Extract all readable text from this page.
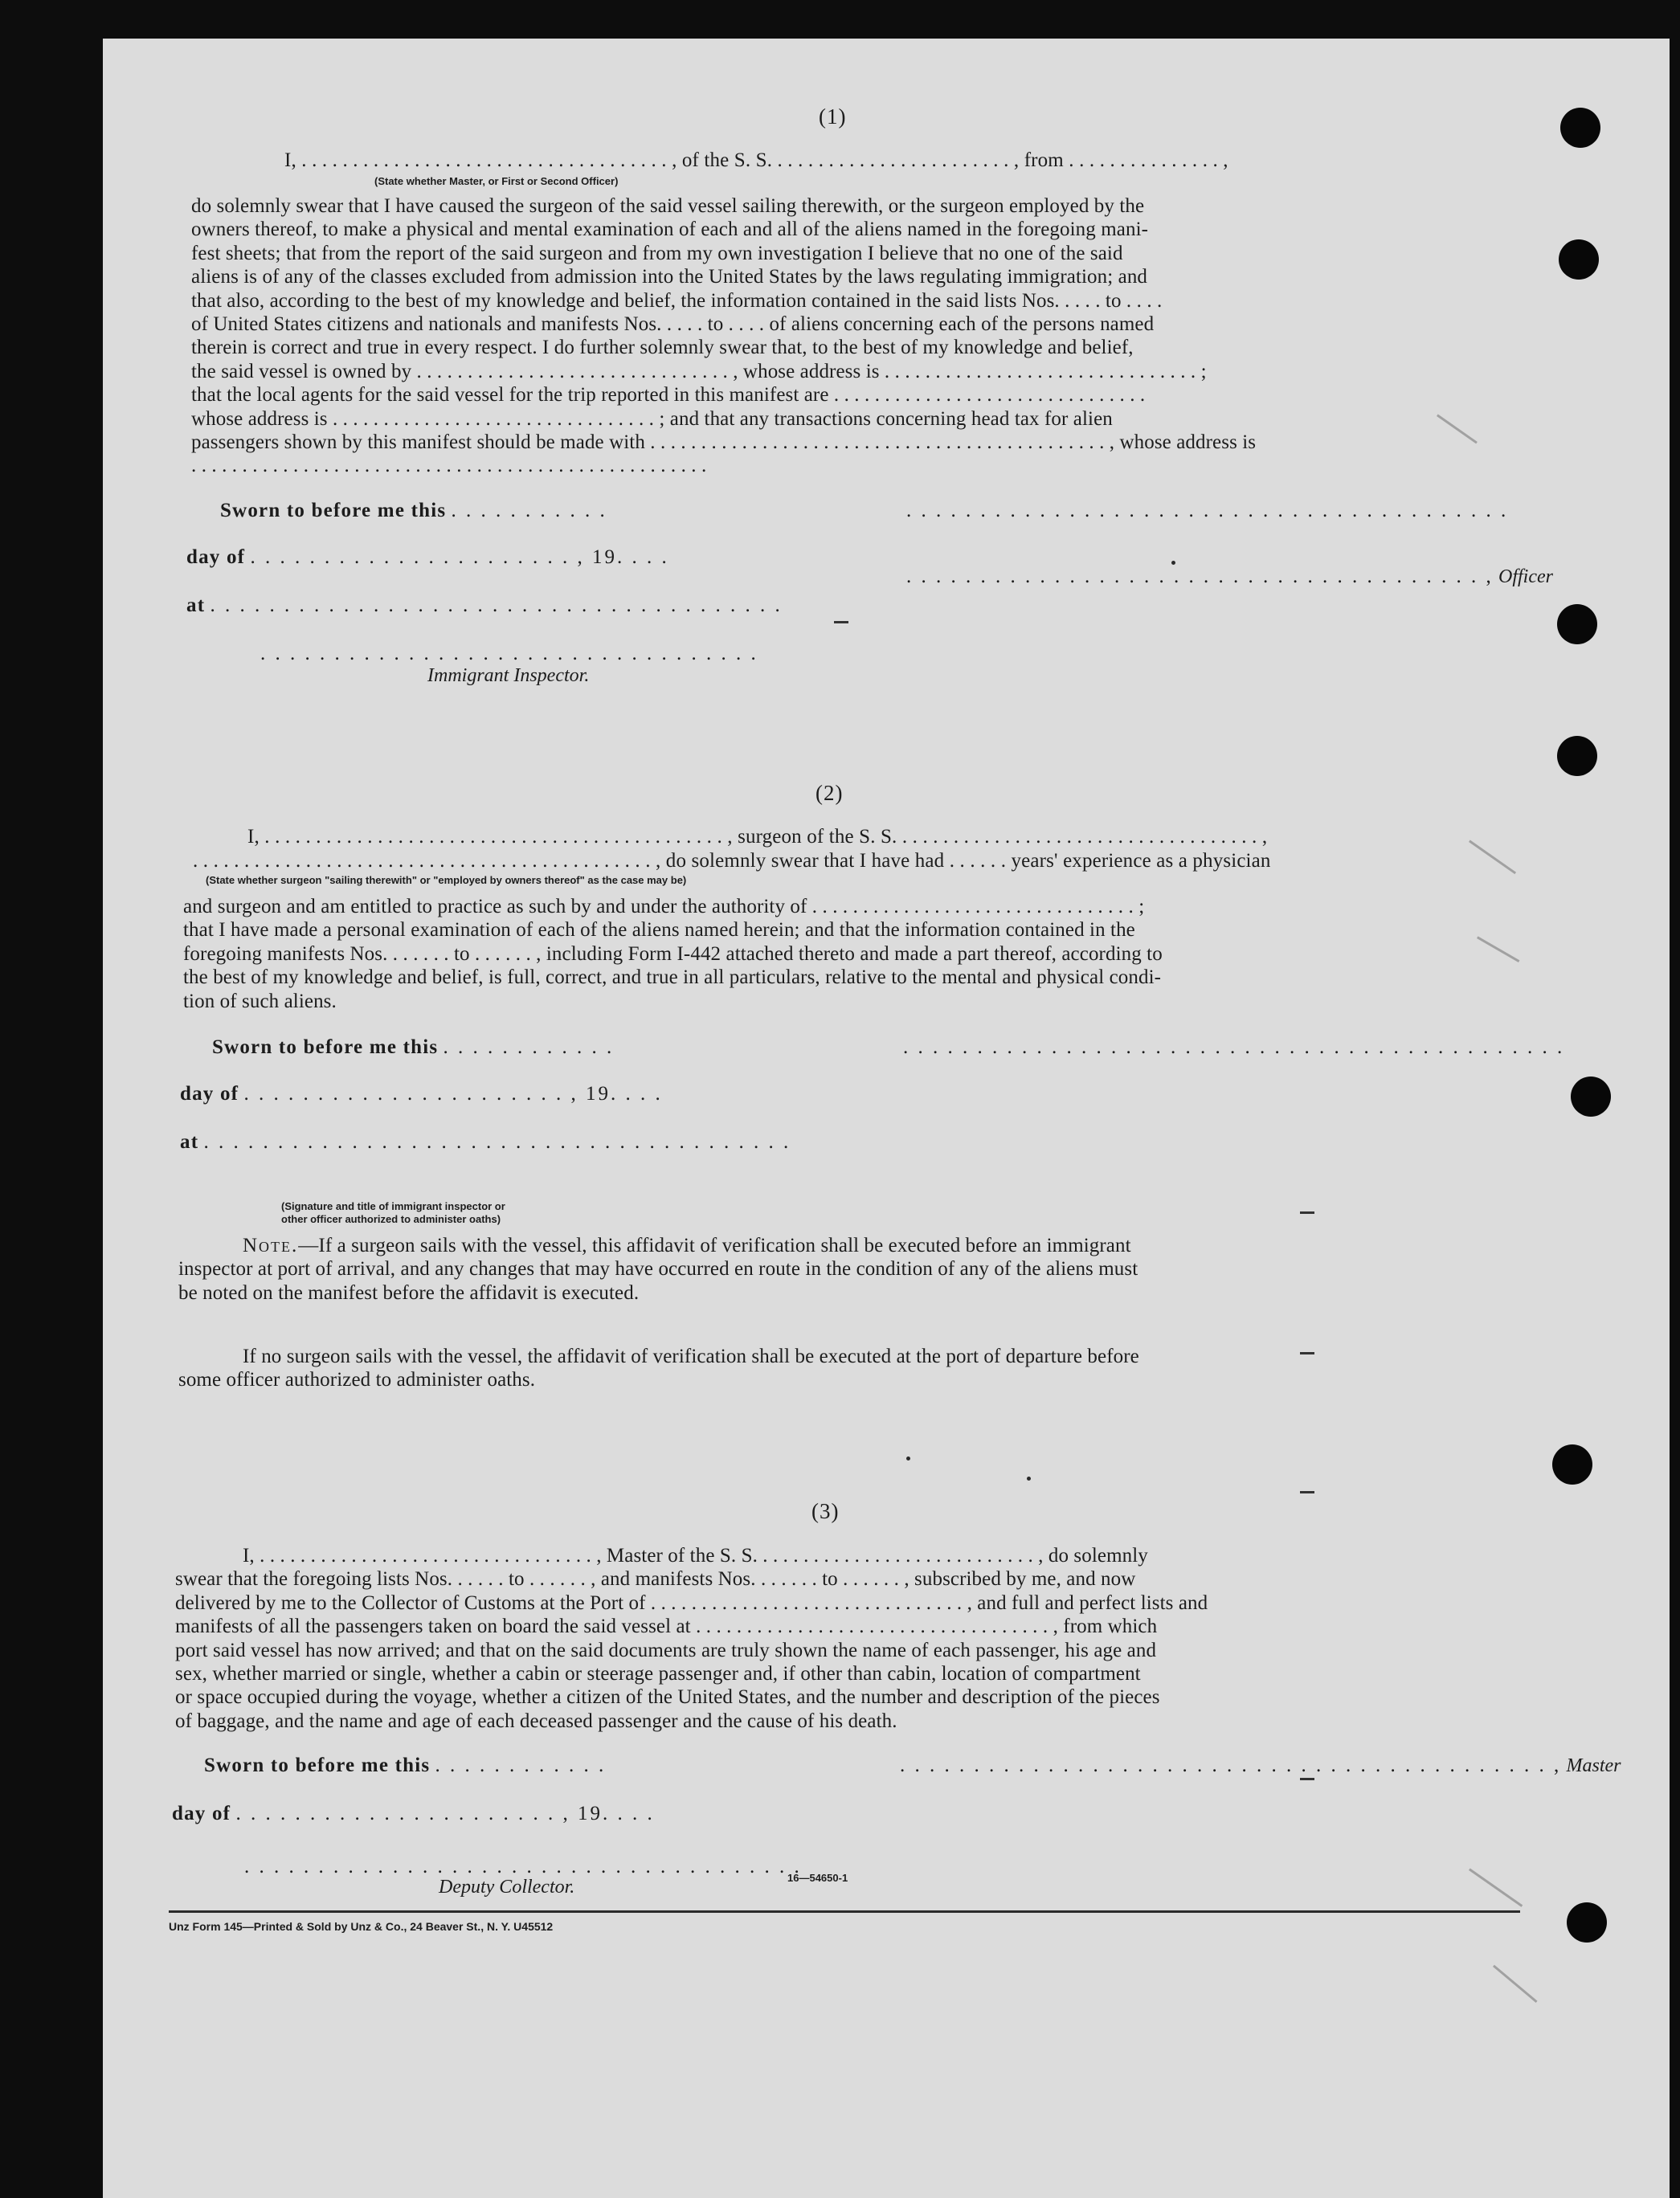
(1)
I, . . . . . . . . . . . . . . . . . . . . . . . . . . . . . . . . . . . . , of the S. S. . . . . . . . . . . . . . . . . . . . . . . . , from . . . . . . . . . . . . . . . ,
(State whether Master, or First or Second Officer)
do solemnly swear that I have caused the surgeon of the said vessel sailing therewith, or the surgeon employed by the
owners thereof, to make a physical and mental examination of each and all of the aliens named in the foregoing mani-
fest sheets; that from the report of the said surgeon and from my own investigation I believe that no one of the said
aliens is of any of the classes excluded from admission into the United States by the laws regulating immigration; and
that also, according to the best of my knowledge and belief, the information contained in the said lists Nos. . . . . to . . . .
of United States citizens and nationals and manifests Nos. . . . . to . . . . of aliens concerning each of the persons named
therein is correct and true in every respect. I do further solemnly swear that, to the best of my knowledge and belief,
the said vessel is owned by . . . . . . . . . . . . . . . . . . . . . . . . . . . . . . . , whose address is . . . . . . . . . . . . . . . . . . . . . . . . . . . . . . . ;
that the local agents for the said vessel for the trip reported in this manifest are . . . . . . . . . . . . . . . . . . . . . . . . . . . . . . .
whose address is . . . . . . . . . . . . . . . . . . . . . . . . . . . . . . . . ; and that any transactions concerning head tax for alien
passengers shown by this manifest should be made with . . . . . . . . . . . . . . . . . . . . . . . . . . . . . . . . . . . . . . . . . . . . . , whose address is
. . . . . . . . . . . . . . . . . . . . . . . . . . . . . . . . . . . . . . . . . . . . . . . . . . .
Sworn to before me this . . . . . . . . . . .	. . . . . . . . . . . . . . . . . . . . . . . . . . . . . . . . . . . . . . . . .
day of . . . . . . . . . . . . . . . . . . . . . . , 19. . . .
. . . . . . . . . . . . . . . . . . . . . . . . . . . . . . . . . . . . . . . , Officer
at . . . . . . . . . . . . . . . . . . . . . . . . . . . . . . . . . . . . . . .
. . . . . . . . . . . . . . . . . . . . . . . . . . . . . . . . . .
Immigrant Inspector.
(2)
I, . . . . . . . . . . . . . . . . . . . . . . . . . . . . . . . . . . . . . . . . . . . . . , surgeon of the S. S. . . . . . . . . . . . . . . . . . . . . . . . . . . . . . . . . . . . ,
. . . . . . . . . . . . . . . . . . . . . . . . . . . . . . . . . . . . . . . . . . . . . , do solemnly swear that I have had . . . . . . years' experience as a physician
(State whether surgeon "sailing therewith" or "employed by owners thereof" as the case may be)
and surgeon and am entitled to practice as such by and under the authority of . . . . . . . . . . . . . . . . . . . . . . . . . . . . . . . . ;
that I have made a personal examination of each of the aliens named herein; and that the information contained in the
foregoing manifests Nos. . . . . . . to . . . . . . , including Form I-442 attached thereto and made a part thereof, according to
the best of my knowledge and belief, is full, correct, and true in all particulars, relative to the mental and physical condi-
tion of such aliens.
Sworn to before me this . . . . . . . . . . . .	. . . . . . . . . . . . . . . . . . . . . . . . . . . . . . . . . . . . . . . . . . . . .
day of . . . . . . . . . . . . . . . . . . . . . . , 19. . . .
at . . . . . . . . . . . . . . . . . . . . . . . . . . . . . . . . . . . . . . . .
(Signature and title of immigrant inspector or
other officer authorized to administer oaths)
Note.—If a surgeon sails with the vessel, this affidavit of verification shall be executed before an immigrant
inspector at port of arrival, and any changes that may have occurred en route in the condition of any of the aliens must
be noted on the manifest before the affidavit is executed.
If no surgeon sails with the vessel, the affidavit of verification shall be executed at the port of departure before
some officer authorized to administer oaths.
(3)
I, . . . . . . . . . . . . . . . . . . . . . . . . . . . . . . . . . , Master of the S. S. . . . . . . . . . . . . . . . . . . . . . . . . . . . , do solemnly
swear that the foregoing lists Nos. . . . . . to . . . . . . , and manifests Nos. . . . . . . to . . . . . . , subscribed by me, and now
delivered by me to the Collector of Customs at the Port of . . . . . . . . . . . . . . . . . . . . . . . . . . . . . . . , and full and perfect lists and
manifests of all the passengers taken on board the said vessel at . . . . . . . . . . . . . . . . . . . . . . . . . . . . . . . . . . . , from which
port said vessel has now arrived; and that on the said documents are truly shown the name of each passenger, his age and
sex, whether married or single, whether a cabin or steerage passenger and, if other than cabin, location of compartment
or space occupied during the voyage, whether a citizen of the United States, and the number and description of the pieces
of baggage, and the name and age of each deceased passenger and the cause of his death.
Sworn to before me this . . . . . . . . . . . .	. . . . . . . . . . . . . . . . . . . . . . . . . . . . . . . . . . . . . . . . . . . . , Master
day of . . . . . . . . . . . . . . . . . . . . . . , 19. . . .
. . . . . . . . . . . . . . . . . . . . . . . . . . . . . . . . . . . . . .
Deputy Collector.	16—54650-1
Unz Form 145—Printed & Sold by Unz & Co., 24 Beaver St., N. Y. U45512
